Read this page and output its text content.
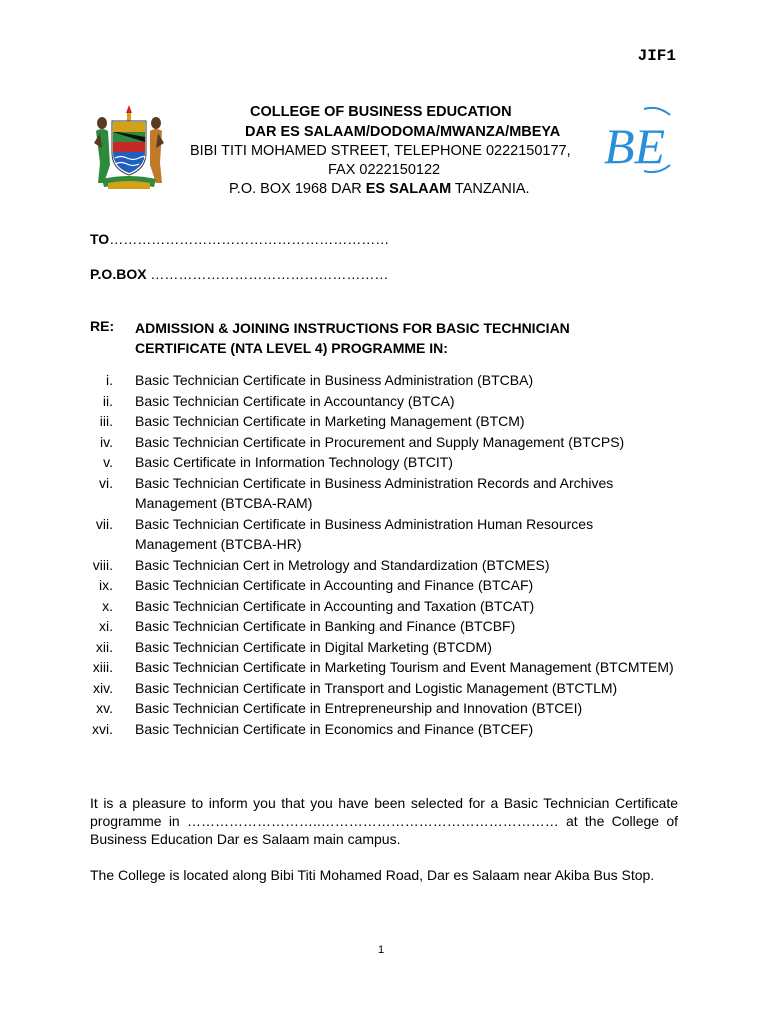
JIF1
BE
COLLEGE OF BUSINESS EDUCATION
DAR ES SALAAM/DODOMA/MWANZA/MBEYA
BIBI TITI MOHAMED STREET, TELEPHONE 0222150177,
FAX 0222150122
P.O. BOX 1968 DAR ES SALAAM TANZANIA.
TO……………………………………………………
P.O.BOX ……………………………………………
RE: ADMISSION & JOINING INSTRUCTIONS FOR BASIC TECHNICIAN CERTIFICATE (NTA LEVEL 4) PROGRAMME IN:
i. Basic Technician Certificate in Business Administration (BTCBA)
ii. Basic Technician Certificate in Accountancy (BTCA)
iii. Basic Technician Certificate in Marketing Management (BTCM)
iv. Basic Technician Certificate in Procurement and Supply Management (BTCPS)
v. Basic Certificate in Information Technology (BTCIT)
vi. Basic Technician Certificate in Business Administration Records and Archives Management (BTCBA-RAM)
vii. Basic Technician Certificate in Business Administration Human Resources Management (BTCBA-HR)
viii. Basic Technician Cert in Metrology and Standardization (BTCMES)
ix. Basic Technician Certificate in Accounting and Finance (BTCAF)
x. Basic Technician Certificate in Accounting and Taxation (BTCAT)
xi. Basic Technician Certificate in Banking and Finance (BTCBF)
xii. Basic Technician Certificate in Digital Marketing (BTCDM)
xiii. Basic Technician Certificate in Marketing Tourism and Event Management (BTCMTEM)
xiv. Basic Technician Certificate in Transport and Logistic Management (BTCTLM)
xv. Basic Technician Certificate in Entrepreneurship and Innovation (BTCEI)
xvi. Basic Technician Certificate in Economics and Finance (BTCEF)
It is a pleasure to inform you that you have been selected for a Basic Technician Certificate programme in ………………………..…………………………………………… at the College of Business Education Dar es Salaam main campus.
The College is located along Bibi Titi Mohamed Road, Dar es Salaam near Akiba Bus Stop.
1
